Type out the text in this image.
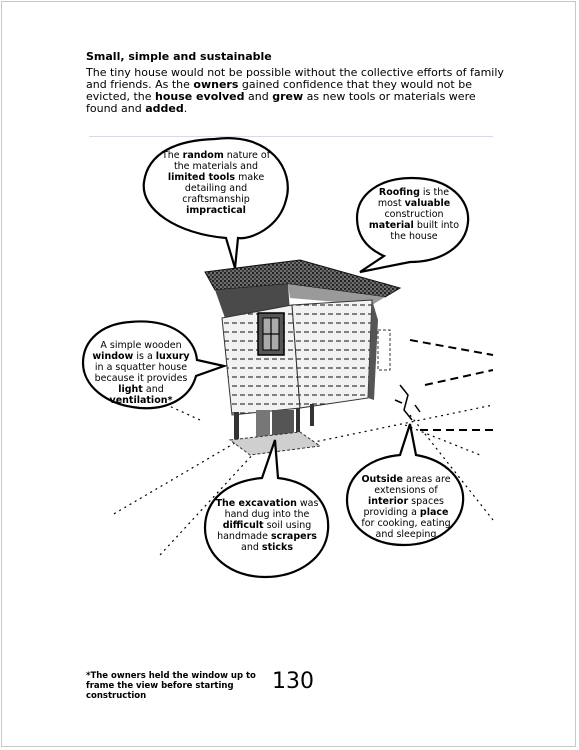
Small, simple and sustainable

The tiny house would not be possible without the collective efforts of family and friends. As the owners gained confidence that they would not be evicted, the house evolved and grew as new tools or materials were found and added.

The random nature of the materials and limited tools make detailing and craftsmanship impractical
Roofing is the most valuable construction material built into the house
A simple wooden window is a luxury in a squatter house because it provides light and ventilation*
Outside areas are extensions of interior spaces providing a place for cooking, eating and sleeping
The excavation was hand dug into the difficult soil using handmade scrapers and sticks

*The owners held the window up to frame the view before starting construction

130
